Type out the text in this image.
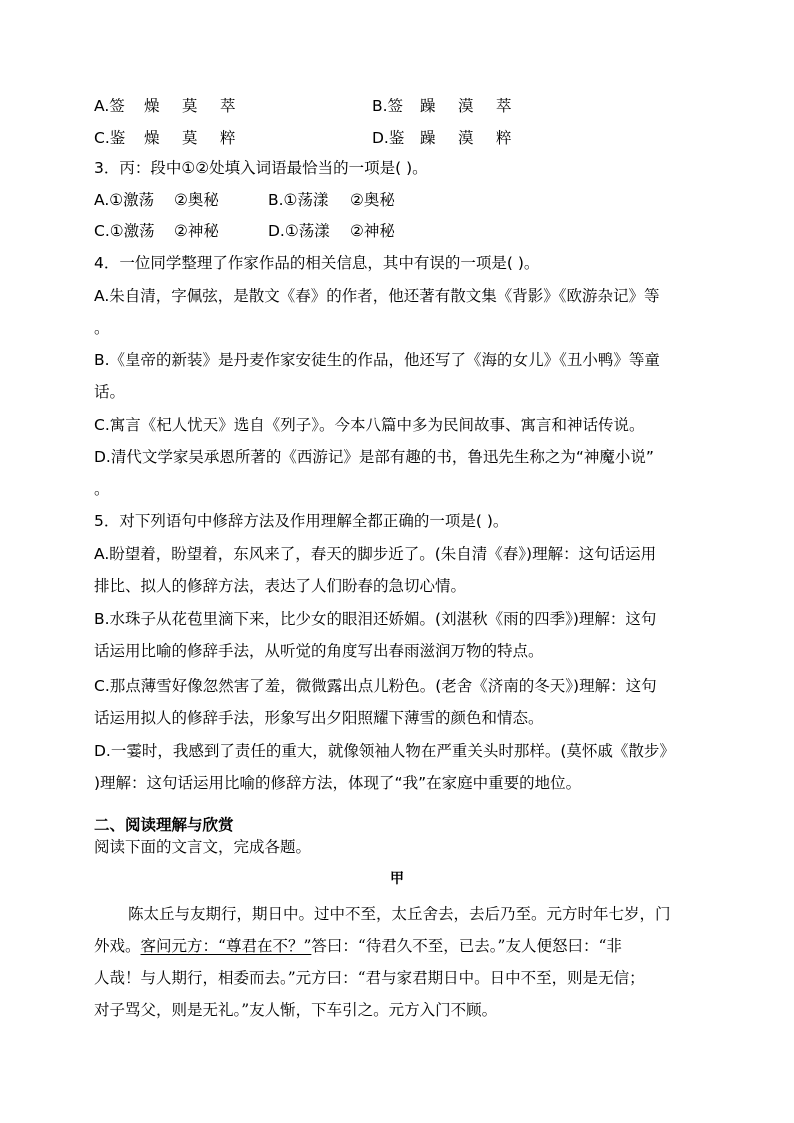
A.签 燥 莫 萃	B.签 躁 漠 萃
C.鉴 燥 莫 粹	D.鉴 躁 漠 粹
3．丙：段中①②处填入词语最恰当的一项是( )。
A.①激荡 ②奥秘	B.①荡漾 ②奥秘
C.①激荡 ②神秘	D.①荡漾 ②神秘
4．一位同学整理了作家作品的相关信息，其中有误的一项是( )。
A.朱自清，字佩弦，是散文《春》的作者，他还著有散文集《背影》《欧游杂记》等
。
B.《皇帝的新装》是丹麦作家安徒生的作品，他还写了《海的女儿》《丑小鸭》等童
话。
C.寓言《杞人忧天》选自《列子》。今本八篇中多为民间故事、寓言和神话传说。
D.清代文学家吴承恩所著的《西游记》是部有趣的书，鲁迅先生称之为“神魔小说”
。
5．对下列语句中修辞方法及作用理解全都正确的一项是( )。
A.盼望着，盼望着，东风来了，春天的脚步近了。(朱自清《春》)理解：这句话运用
排比、拟人的修辞方法，表达了人们盼春的急切心情。
B.水珠子从花苞里滴下来，比少女的眼泪还娇媚。(刘湛秋《雨的四季》)理解：这句
话运用比喻的修辞手法，从听觉的角度写出春雨滋润万物的特点。
C.那点薄雪好像忽然害了羞，微微露出点儿粉色。(老舍《济南的冬天》)理解：这句
话运用拟人的修辞手法，形象写出夕阳照耀下薄雪的颜色和情态。
D.一霎时，我感到了责任的重大，就像领袖人物在严重关头时那样。(莫怀戚《散步》
)理解：这句话运用比喻的修辞方法，体现了“我”在家庭中重要的地位。
二、阅读理解与欣赏
阅读下面的文言文，完成各题。
甲
陈太丘与友期行，期日中。过中不至，太丘舍去，去后乃至。元方时年七岁，门
外戏。客问元方：“尊君在不？”答曰：“待君久不至，已去。”友人便怒曰：“非
人哉！与人期行，相委而去。”元方曰：“君与家君期日中。日中不至，则是无信；
对子骂父，则是无礼。”友人惭，下车引之。元方入门不顾。
